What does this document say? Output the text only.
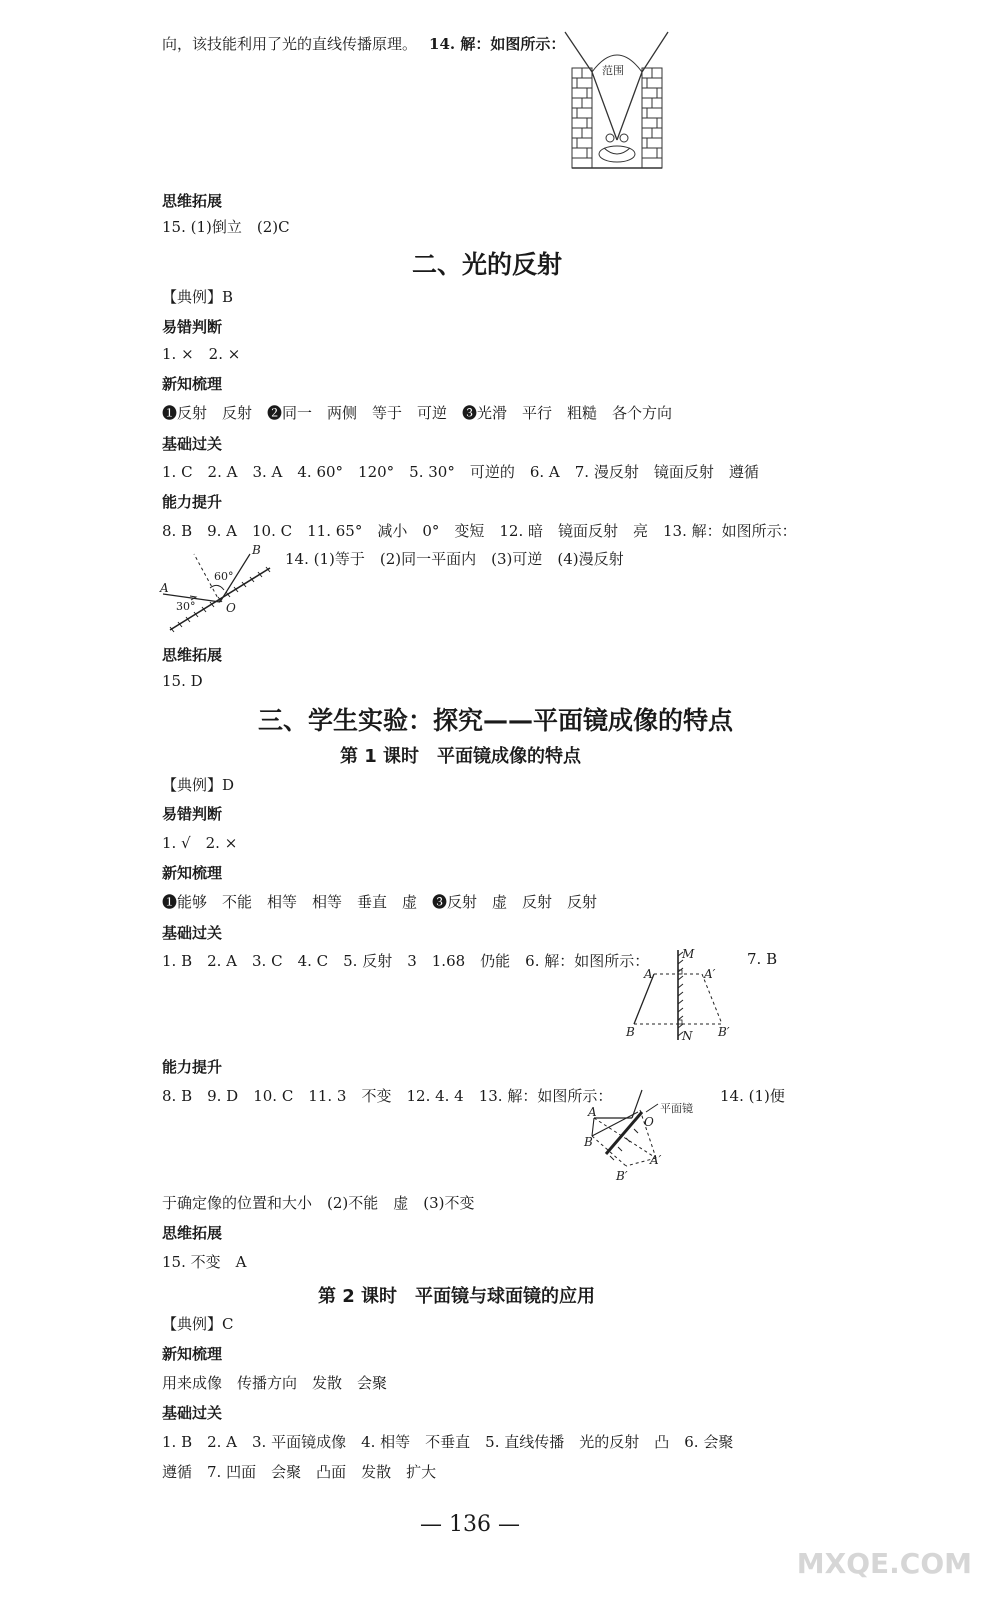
向，该技能利用了光的直线传播原理。 14. 解：如图所示：
范围
思维拓展
15. (1)倒立　(2)C
二、光的反射
【典例】B
易错判断
1. ×　2. ×
新知梳理
❶反射　反射　❷同一　两侧　等于　可逆　❸光滑　平行　粗糙　各个方向
基础过关
1. C　2. A　3. A　4. 60°　120°　5. 30°　可逆的　6. A　7. 漫反射　镜面反射　遵循
能力提升
8. B　9. A　10. C　11. 65°　减小　0°　变短　12. 暗　镜面反射　亮　13. 解：如图所示：
A
B
O
60°
30°
14. (1)等于　(2)同一平面内　(3)可逆　(4)漫反射
思维拓展
15. D
三、学生实验：探究——平面镜成像的特点
第 1 课时　平面镜成像的特点
【典例】D
易错判断
1. √　2. ×
新知梳理
❶能够　不能　相等　相等　垂直　虚　❸反射　虚　反射　反射
基础过关
1. B　2. A　3. C　4. C　5. 反射　3　1.68　仍能　6. 解：如图所示：	7. B
M
N
A	A′
B	B′
能力提升
8. B　9. D　10. C　11. 3　不变　12. 4. 4　13. 解：如图所示：	14. (1)便
平面镜
A
B
O
A′
B′
于确定像的位置和大小　(2)不能　虚　(3)不变
思维拓展
15. 不变　A
第 2 课时　平面镜与球面镜的应用
【典例】C
新知梳理
用来成像　传播方向　发散　会聚
基础过关
1. B　2. A　3. 平面镜成像　4. 相等　不垂直　5. 直线传播　光的反射　凸　6. 会聚
遵循　7. 凹面　会聚　凸面　发散　扩大
— 136 —
MXQE.COM
